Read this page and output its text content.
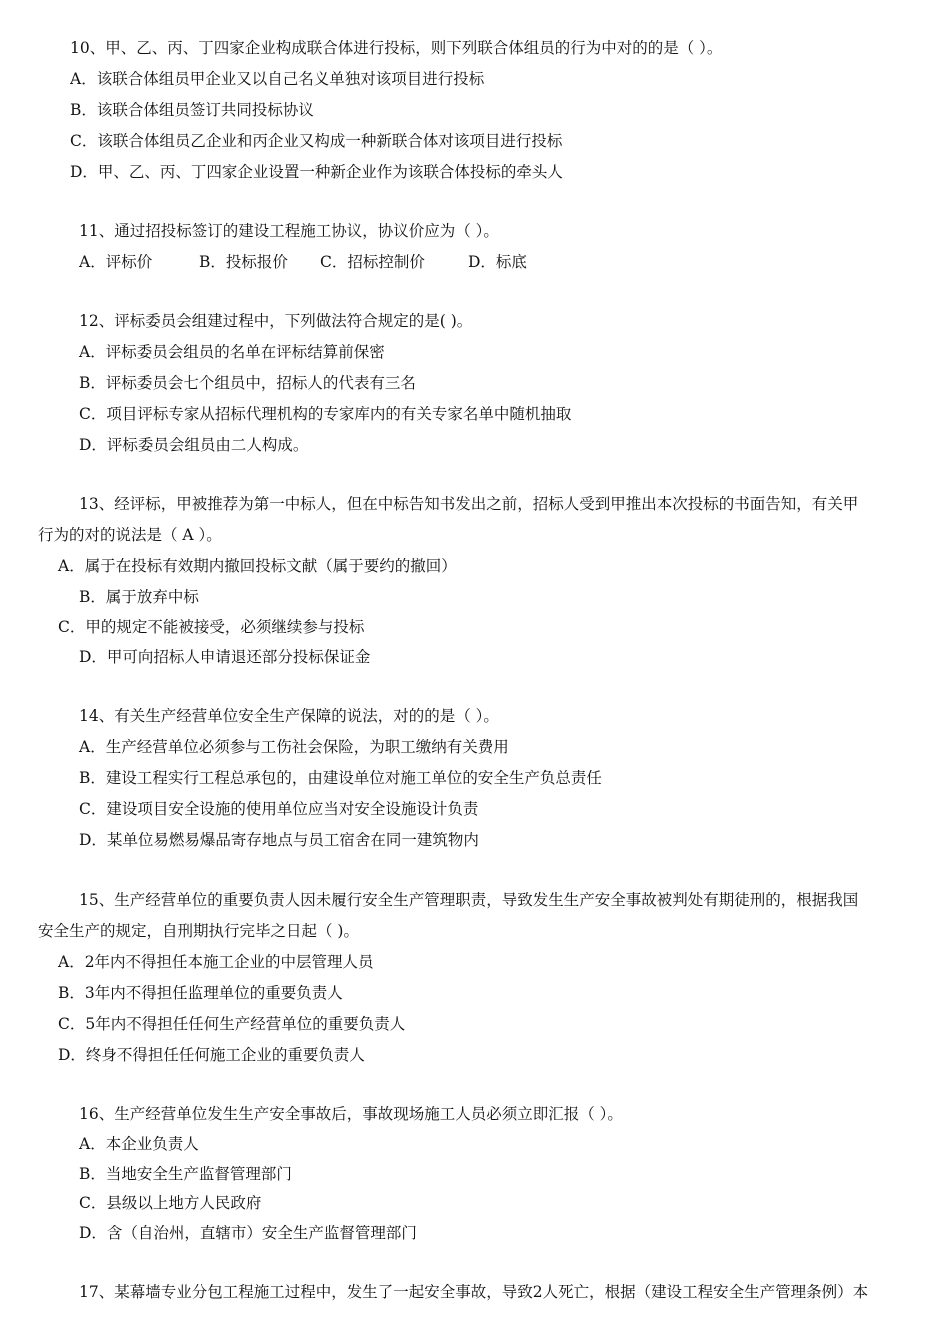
10、甲、乙、丙、丁四家企业构成联合体进行投标，则下列联合体组员的行为中对的的是（ ）。
A．该联合体组员甲企业又以自己名义单独对该项目进行投标
B．该联合体组员签订共同投标协议
C．该联合体组员乙企业和丙企业又构成一种新联合体对该项目进行投标
D．甲、乙、丙、丁四家企业设置一种新企业作为该联合体投标的牵头人
11、通过招投标签订的建设工程施工协议，协议价应为（ ）。
A．评标价	B．投标报价 C．招标控制价	D．标底
12、评标委员会组建过程中，下列做法符合规定的是( )。
A．评标委员会组员的名单在评标结算前保密
B．评标委员会七个组员中，招标人的代表有三名
C．项目评标专家从招标代理机构的专家库内的有关专家名单中随机抽取
D．评标委员会组员由二人构成。
13、经评标，甲被推荐为第一中标人，但在中标告知书发出之前，招标人受到甲推出本次投标的书面告知，有关甲
行为的对的说法是（ A ）。
A．属于在投标有效期内撤回投标文献（属于要约的撤回）
B．属于放弃中标
C．甲的规定不能被接受，必须继续参与投标
D．甲可向招标人申请退还部分投标保证金
14、有关生产经营单位安全生产保障的说法，对的的是（ ）。
A．生产经营单位必须参与工伤社会保险，为职工缴纳有关费用
B．建设工程实行工程总承包的，由建设单位对施工单位的安全生产负总责任
C．建设项目安全设施的使用单位应当对安全设施设计负责
D．某单位易燃易爆品寄存地点与员工宿舍在同一建筑物内
15、生产经营单位的重要负责人因未履行安全生产管理职责，导致发生生产安全事故被判处有期徒刑的，根据我国
安全生产的规定，自刑期执行完毕之日起（ )。
A．2年内不得担任本施工企业的中层管理人员
B．3年内不得担任监理单位的重要负责人
C．5年内不得担任任何生产经营单位的重要负责人
D．终身不得担任任何施工企业的重要负责人
16、生产经营单位发生生产安全事故后，事故现场施工人员必须立即汇报（ ）。
A．本企业负责人
B．当地安全生产监督管理部门
C．县级以上地方人民政府
D．含（自治州，直辖市）安全生产监督管理部门
17、某幕墙专业分包工程施工过程中，发生了一起安全事故，导致2人死亡，根据（建设工程安全生产管理条例）本
